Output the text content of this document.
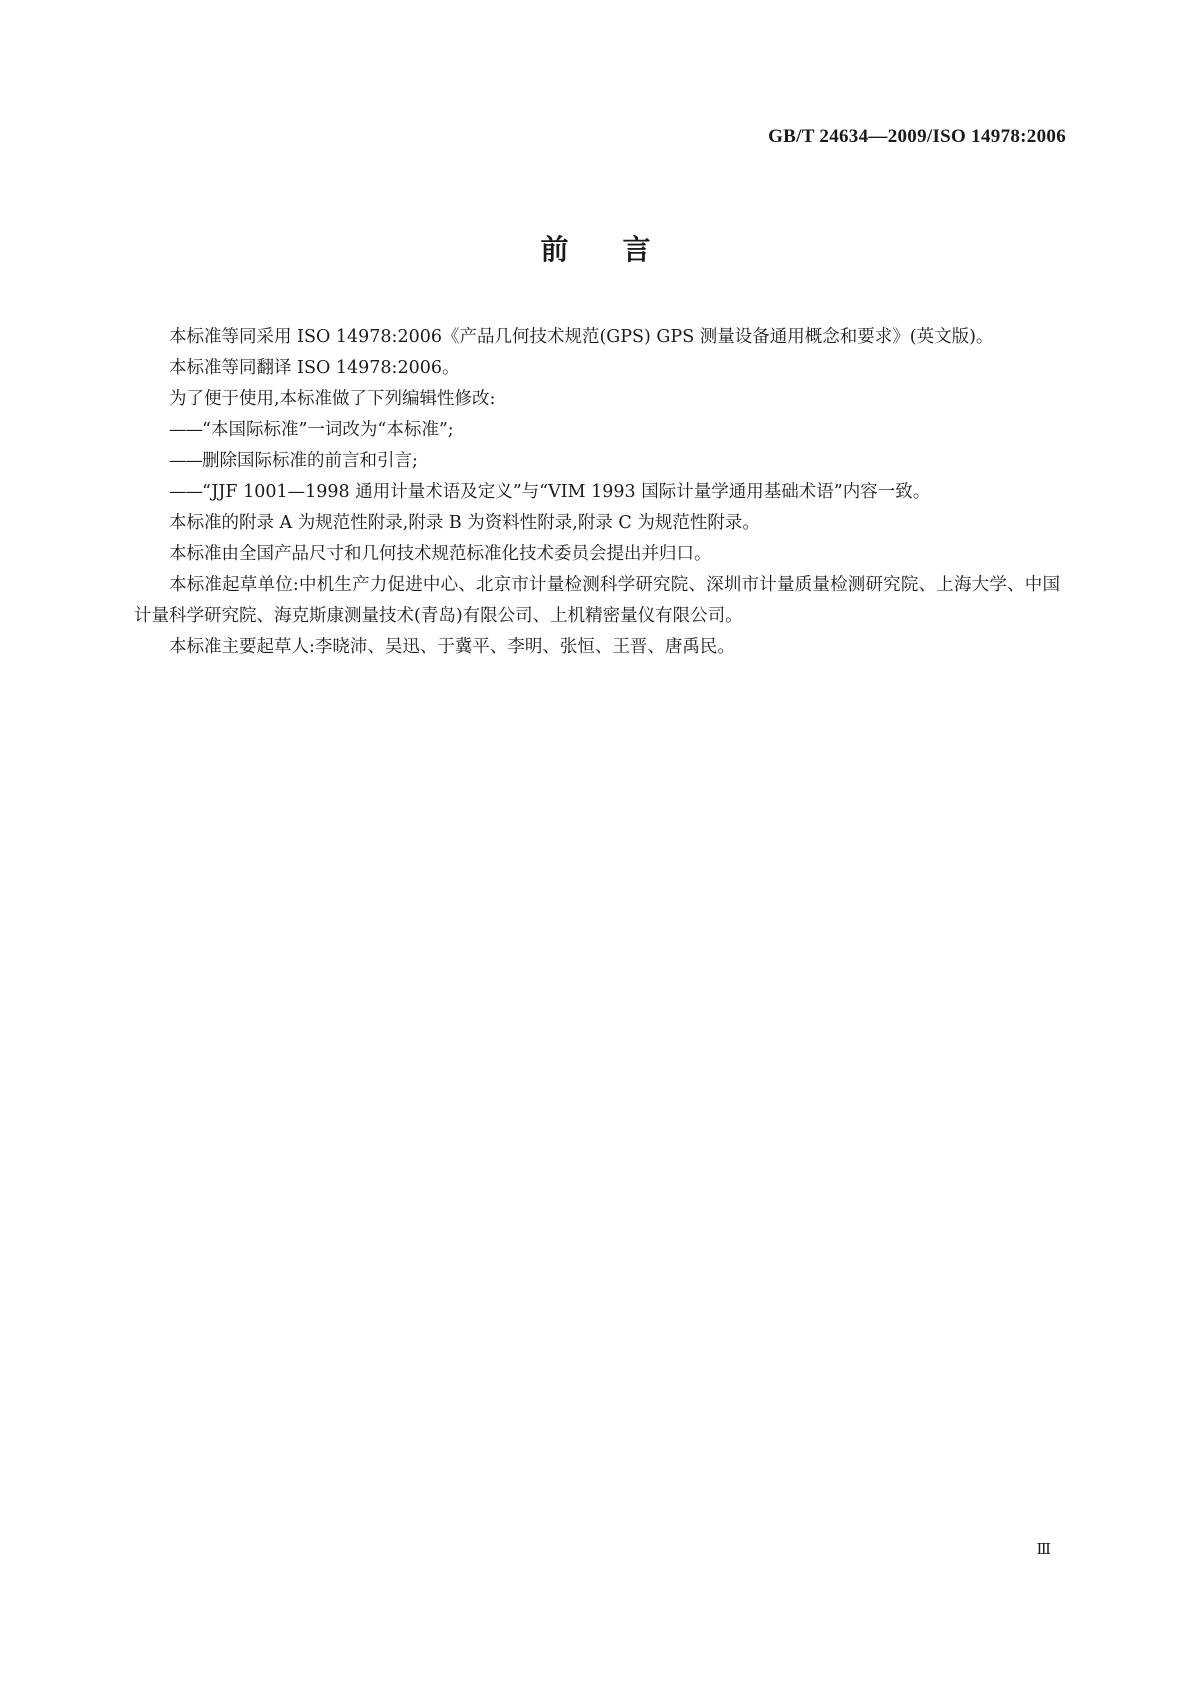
GB/T 24634—2009/ISO 14978:2006
前言

本标准等同采用 ISO 14978:2006《产品几何技术规范(GPS) GPS 测量设备通用概念和要求》(英文版)。

本标准等同翻译 ISO 14978:2006。

为了便于使用,本标准做了下列编辑性修改:

——“本国际标准”一词改为“本标准”;

——删除国际标准的前言和引言;

——“JJF 1001—1998 通用计量术语及定义”与“VIM 1993 国际计量学通用基础术语”内容一致。

本标准的附录 A 为规范性附录,附录 B 为资料性附录,附录 C 为规范性附录。

本标准由全国产品尺寸和几何技术规范标准化技术委员会提出并归口。

本标准起草单位:中机生产力促进中心、北京市计量检测科学研究院、深圳市计量质量检测研究院、上海大学、中国计量科学研究院、海克斯康测量技术(青岛)有限公司、上机精密量仪有限公司。

本标准主要起草人:李晓沛、吴迅、于冀平、李明、张恒、王晋、唐禹民。

Ⅲ
